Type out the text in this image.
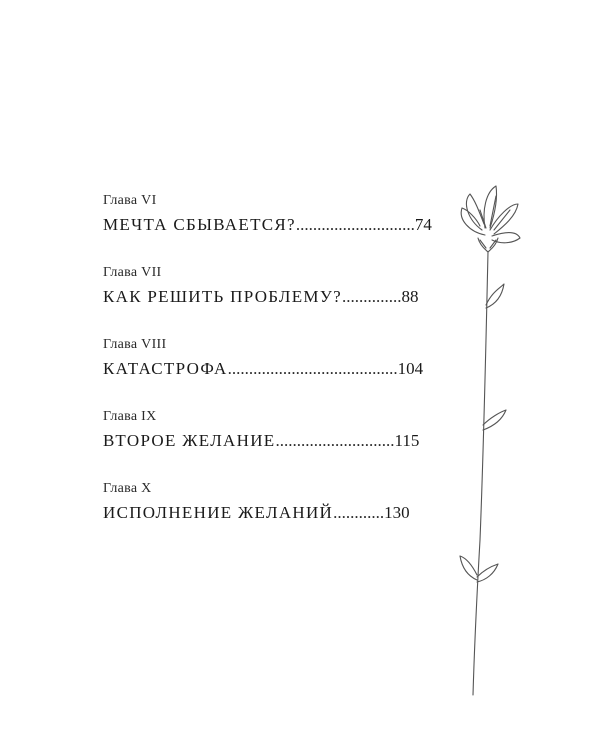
Глава VI
МЕЧТА СБЫВАЕТСЯ? ............................ 74
Глава VII
КАК РЕШИТЬ ПРОБЛЕМУ? .............. 88
Глава VIII
КАТАСТРОФА ........................................ 104
Глава IX
ВТОРОЕ ЖЕЛАНИЕ ............................ 115
Глава X
ИСПОЛНЕНИЕ ЖЕЛАНИЙ ............ 130
